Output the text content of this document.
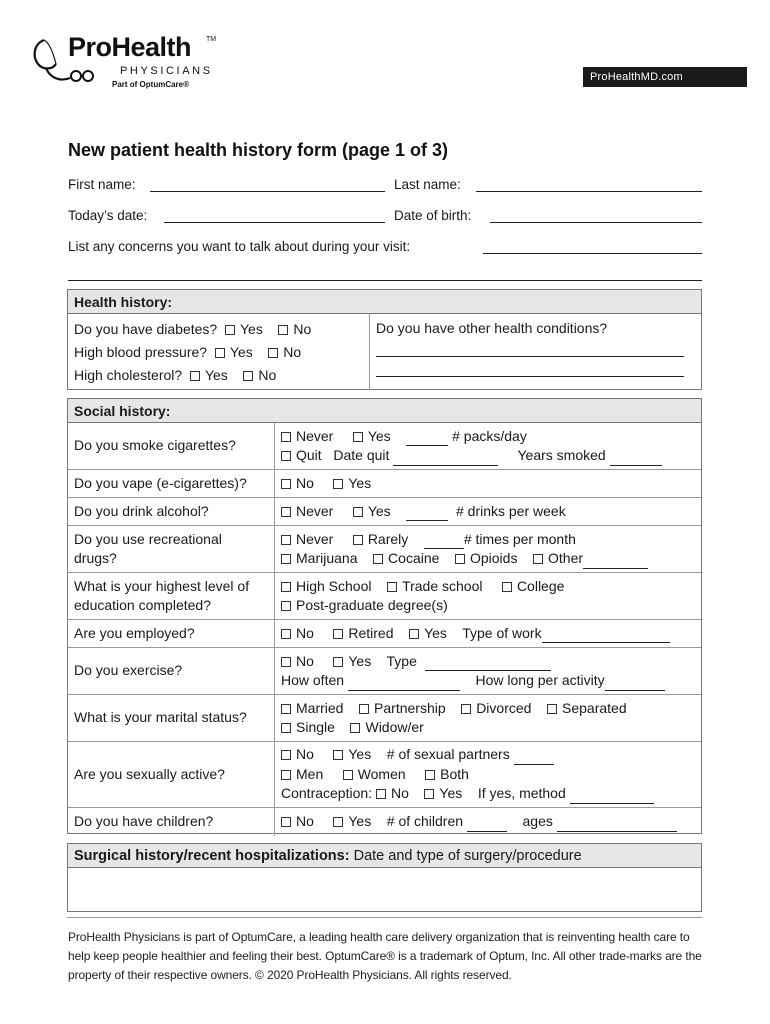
ProHealth TM
PHYSICIANS
Part of OptumCare®
ProHealthMD.com
New patient health history form (page 1 of 3)
First name:	Last name:
Today’s date:	Date of birth:
List any concerns you want to talk about during your visit:
Health history:
Do you have diabetes? Yes No
High blood pressure? Yes No
High cholesterol? Yes No
Do you have other health conditions?
Social history:
Do you smoke cigarettes?
Never Yes	# packs/day
Quit Date quit	Years smoked
Do you vape (e-cigarettes)?	No Yes
Do you drink alcohol?	Never Yes	# drinks per week
Do you use recreational drugs?
Never Rarely	# times per month
Marijuana Cocaine Opioids Other
What is your highest level of education completed?
High School Trade school College
Post-graduate degree(s)
Are you employed?	No Retired Yes Type of work
Do you exercise?
No Yes Type
How often	How long per activity
What is your marital status?
Married Partnership Divorced Separated
Single Widow/er
Are you sexually active?
No Yes # of sexual partners
Men Women Both
Contraception: No Yes If yes, method
Do you have children?	No Yes # of children	ages
Surgical history/recent hospitalizations: Date and type of surgery/procedure
ProHealth Physicians is part of OptumCare, a leading health care delivery organization that is reinventing health care to help keep people healthier and feeling their best. OptumCare® is a trademark of Optum, Inc. All other trade-marks are the property of their respective owners. © 2020 ProHealth Physicians. All rights reserved.
